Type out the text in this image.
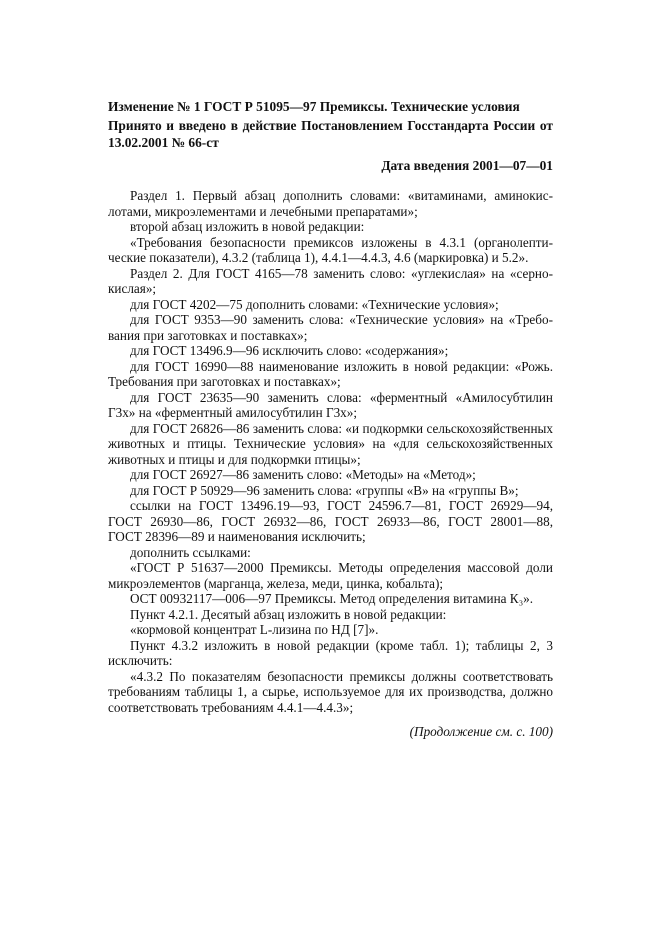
Изменение № 1 ГОСТ Р 51095—97 Премиксы. Технические условия

Принято и введено в действие Постановлением Госстандарта России от 13.02.2001 № 66-ст

Дата введения 2001—07—01

Раздел 1. Первый абзац дополнить словами: «витаминами, аминокислотами, микроэлементами и лечебными препаратами»;

второй абзац изложить в новой редакции:

«Требования безопасности премиксов изложены в 4.3.1 (органолептические показатели), 4.3.2 (таблица 1), 4.4.1—4.4.3, 4.6 (маркировка) и 5.2».

Раздел 2. Для ГОСТ 4165—78 заменить слово: «углекислая» на «сернокислая»;

для ГОСТ 4202—75 дополнить словами: «Технические условия»;

для ГОСТ 9353—90 заменить слова: «Технические условия» на «Требования при заготовках и поставках»;

для ГОСТ 13496.9—96 исключить слово: «содержания»;

для ГОСТ 16990—88 наименование изложить в новой редакции: «Рожь. Требования при заготовках и поставках»;

для ГОСТ 23635—90 заменить слова: «ферментный «Амилосубтилин Г3х» на «ферментный амилосубтилин Г3х»;

для ГОСТ 26826—86 заменить слова: «и подкормки сельскохозяйственных животных и птицы. Технические условия» на «для сельскохозяйственных животных и птицы и для подкормки птицы»;

для ГОСТ 26927—86 заменить слово: «Методы» на «Метод»;

для ГОСТ Р 50929—96 заменить слова: «группы «В» на «группы В»;

ссылки на ГОСТ 13496.19—93, ГОСТ 24596.7—81, ГОСТ 26929—94, ГОСТ 26930—86, ГОСТ 26932—86, ГОСТ 26933—86, ГОСТ 28001—88, ГОСТ 28396—89 и наименования исключить;

дополнить ссылками:

«ГОСТ Р 51637—2000 Премиксы. Методы определения массовой доли микроэлементов (марганца, железа, меди, цинка, кобальта);

ОСТ 00932117—006—97 Премиксы. Метод определения витамина К₃».

Пункт 4.2.1. Десятый абзац изложить в новой редакции:

«кормовой концентрат L-лизина по НД [7]».

Пункт 4.3.2 изложить в новой редакции (кроме табл. 1); таблицы 2, 3 исключить:

«4.3.2 По показателям безопасности премиксы должны соответствовать требованиям таблицы 1, а сырье, используемое для их производства, должно соответствовать требованиям 4.4.1—4.4.3»;

(Продолжение см. с. 100)
